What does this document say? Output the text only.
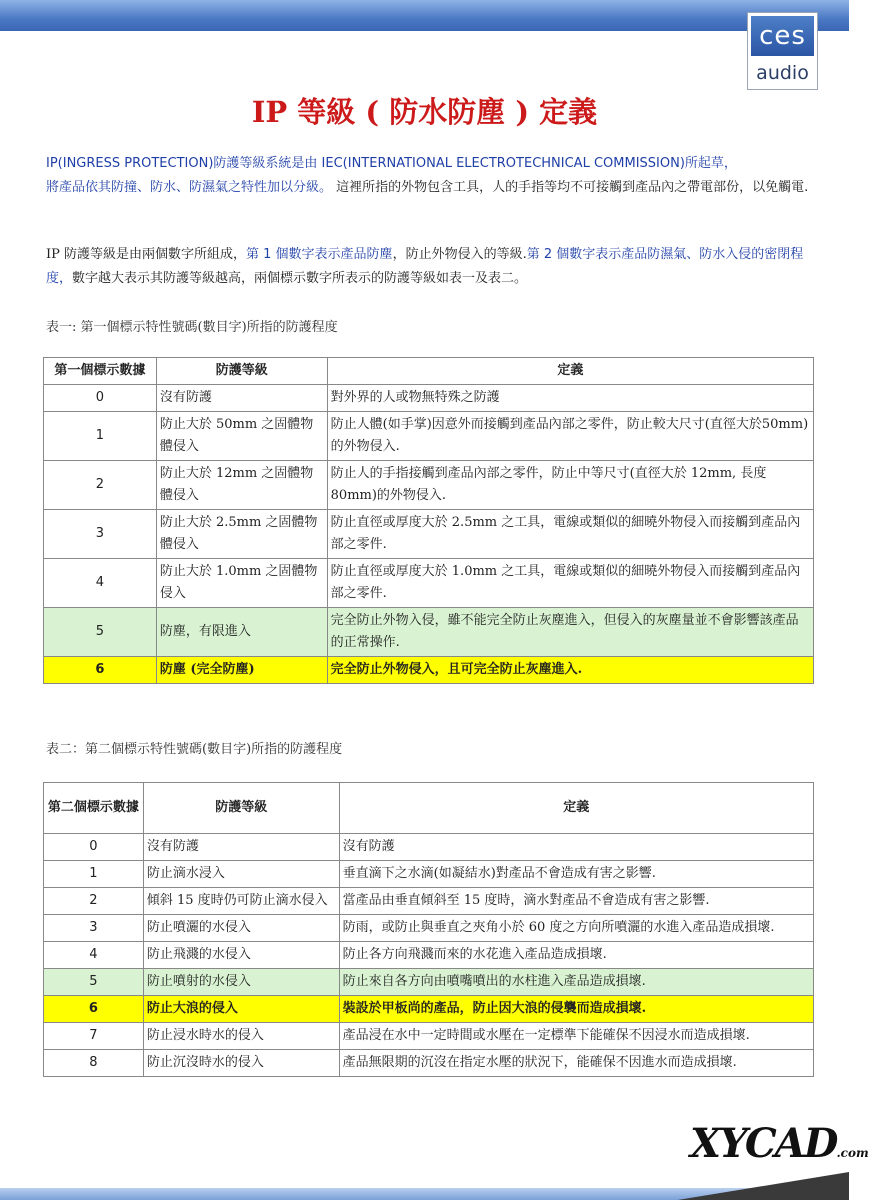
ces
audio
IP 等級 ( 防水防塵 ) 定義
IP(INGRESS PROTECTION)防護等級系統是由 IEC(INTERNATIONAL ELECTROTECHNICAL COMMISSION)所起草，
將產品依其防撞、防水、防濕氣之特性加以分級。 這裡所指的外物包含工具，人的手指等均不可接觸到產品內之帶電部份，以免觸電.
IP 防護等級是由兩個數字所組成，第 1 個數字表示產品防塵，防止外物侵入的等級.第 2 個數字表示產品防濕氣、防水入侵的密閉程度，數字越大表示其防護等級越高，兩個標示數字所表示的防護等級如表一及表二。
表一: 第一個標示特性號碼(數目字)所指的防護程度
第一個標示數據	防護等級	定義
0	沒有防護	對外界的人或物無特殊之防護
1	防止大於 50mm 之固體物體侵入	防止人體(如手掌)因意外而接觸到產品內部之零件，防止較大尺寸(直徑大於50mm)的外物侵入.
2	防止大於 12mm 之固體物體侵入	防止人的手指接觸到產品內部之零件，防止中等尺寸(直徑大於 12mm, 長度80mm)的外物侵入.
3	防止大於 2.5mm 之固體物體侵入	防止直徑或厚度大於 2.5mm 之工具，電線或類似的細曉外物侵入而接觸到產品內部之零件.
4	防止大於 1.0mm 之固體物侵入	防止直徑或厚度大於 1.0mm 之工具，電線或類似的細曉外物侵入而接觸到產品內部之零件.
5	防塵，有限進入	完全防止外物入侵，雖不能完全防止灰塵進入，但侵入的灰塵量並不會影響該產品的正常操作.
6	防塵 (完全防塵)	完全防止外物侵入，且可完全防止灰塵進入.
表二：第二個標示特性號碼(數目字)所指的防護程度
第二個標示數據	防護等級	定義
0	沒有防護	沒有防護
1	防止滴水浸入	垂直滴下之水滴(如凝結水)對產品不會造成有害之影響.
2	傾斜 15 度時仍可防止滴水侵入	當產品由垂直傾斜至 15 度時，滴水對產品不會造成有害之影響.
3	防止噴灑的水侵入	防雨，或防止與垂直之夾角小於 60 度之方向所噴灑的水進入產品造成損壞.
4	防止飛濺的水侵入	防止各方向飛濺而來的水花進入產品造成損壞.
5	防止噴射的水侵入	防止來自各方向由噴嘴噴出的水柱進入產品造成損壞.
6	防止大浪的侵入	裝設於甲板尚的產品，防止因大浪的侵襲而造成損壞.
7	防止浸水時水的侵入	產品浸在水中一定時間或水壓在一定標準下能確保不因浸水而造成損壞.
8	防止沉沒時水的侵入	產品無限期的沉沒在指定水壓的狀況下，能確保不因進水而造成損壞.
XYCAD.com
